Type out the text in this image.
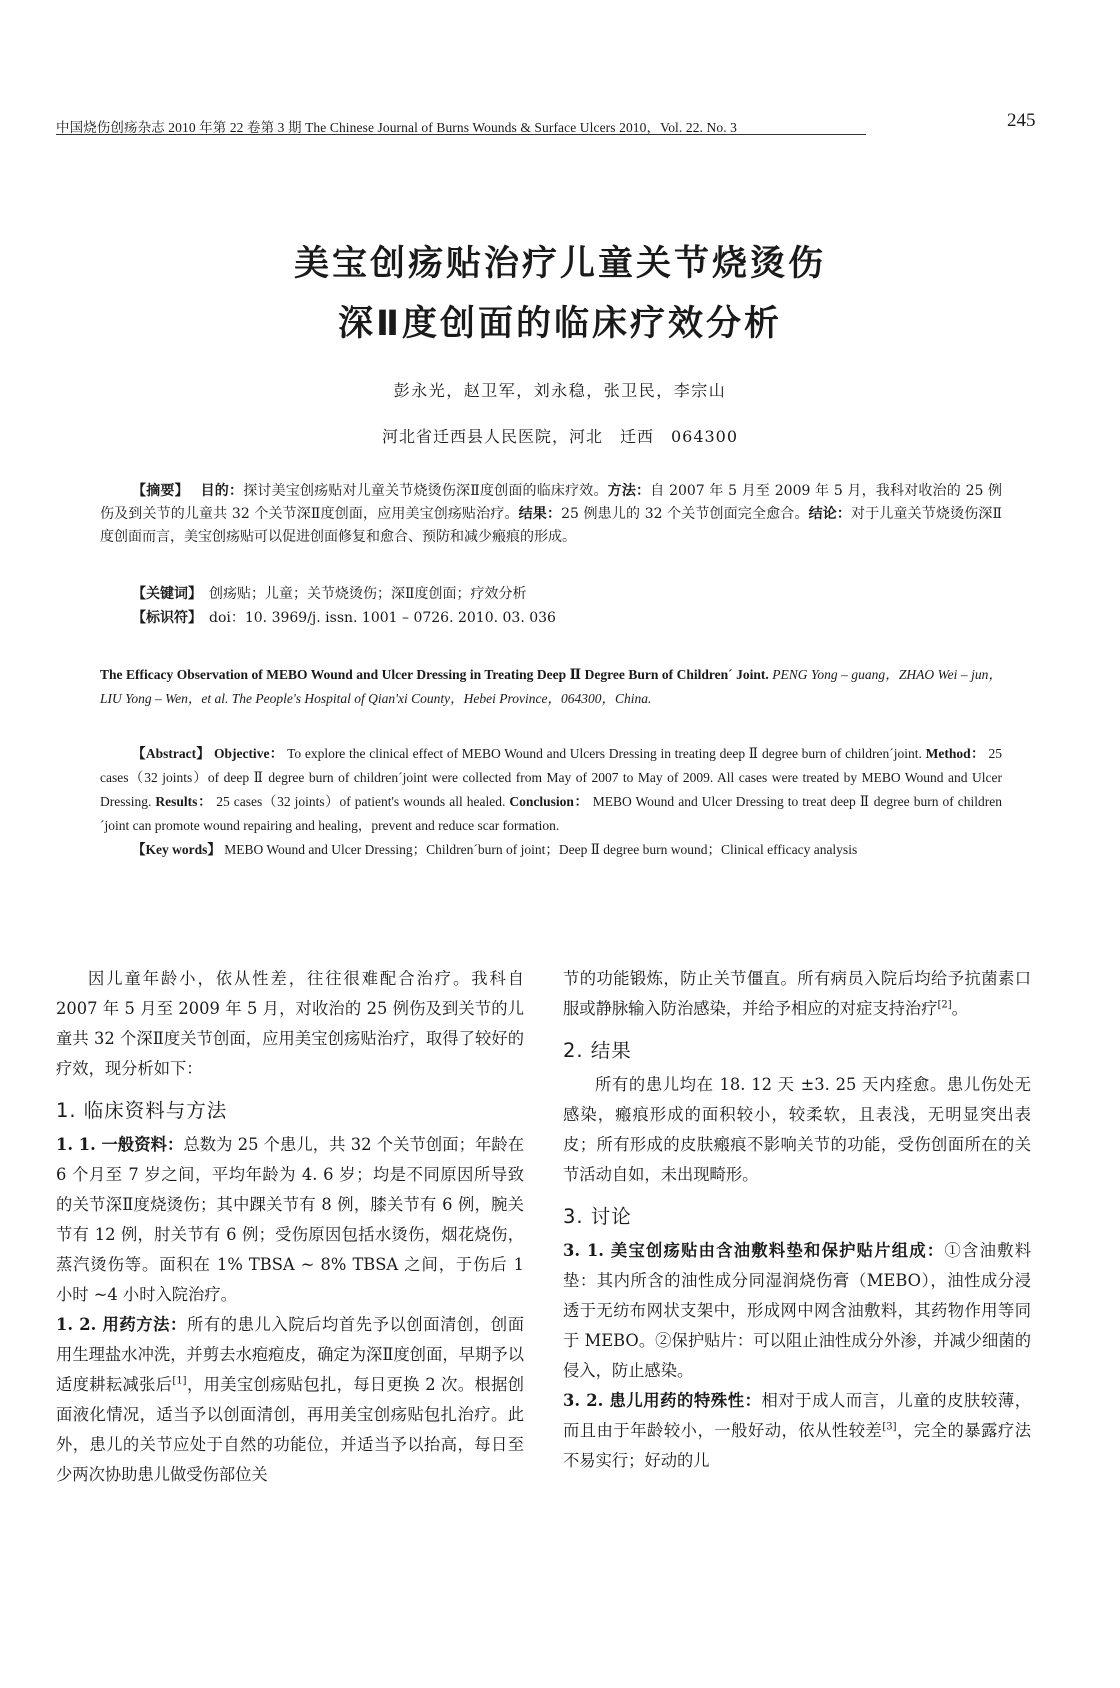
中国烧伤创疡杂志 2010 年第 22 卷第 3 期 The Chinese Journal of Burns Wounds & Surface Ulcers 2010，Vol. 22. No. 3	245
美宝创疡贴治疗儿童关节烧烫伤
深Ⅱ度创面的临床疗效分析
彭永光，赵卫军，刘永稳，张卫民，李宗山
河北省迁西县人民医院，河北　迁西　064300

【摘要】　 目的：探讨美宝创疡贴对儿童关节烧烫伤深Ⅱ度创面的临床疗效。方法：自 2007 年 5 月至 2009 年 5 月，我科对收治的 25 例伤及到关节的儿童共 32 个关节深Ⅱ度创面，应用美宝创疡贴治疗。结果：25 例患儿的 32 个关节创面完全愈合。结论：对于儿童关节烧烫伤深Ⅱ度创面而言，美宝创疡贴可以促进创面修复和愈合、预防和减少瘢痕的形成。

【关键词】　 创疡贴；儿童；关节烧烫伤；深Ⅱ度创面；疗效分析
【标识符】　 doi：10. 3969/j. issn. 1001 – 0726. 2010. 03. 036

The Efficacy Observation of MEBO Wound and Ulcer Dressing in Treating Deep Ⅱ Degree Burn of Children´ Joint. PENG Yong – guang，ZHAO Wei – jun，LIU Yong – Wen，et al. The People's Hospital of Qian'xi County，Hebei Province，064300，China.

【Abstract】 Objective： To explore the clinical effect of MEBO Wound and Ulcers Dressing in treating deep Ⅱ degree burn of children´joint. Method： 25 cases（32 joints）of deep Ⅱ degree burn of children´joint were collected from May of 2007 to May of 2009. All cases were treated by MEBO Wound and Ulcer Dressing. Results： 25 cases（32 joints）of patient's wounds all healed. Conclusion： MEBO Wound and Ulcer Dressing to treat deep Ⅱ degree burn of children´joint can promote wound repairing and healing，prevent and reduce scar formation.

【Key words】 MEBO Wound and Ulcer Dressing；Children´burn of joint；Deep Ⅱ degree burn wound；Clinical efficacy analysis

因儿童年龄小，依从性差，往往很难配合治疗。我科自 2007 年 5 月至 2009 年 5 月，对收治的 25 例伤及到关节的儿童共 32 个深Ⅱ度关节创面，应用美宝创疡贴治疗，取得了较好的疗效，现分析如下：

1. 临床资料与方法

1. 1. 一般资料：总数为 25 个患儿，共 32 个关节创面；年龄在 6 个月至 7 岁之间，平均年龄为 4. 6 岁；均是不同原因所导致的关节深Ⅱ度烧烫伤；其中踝关节有 8 例，膝关节有 6 例，腕关节有 12 例，肘关节有 6 例；受伤原因包括水烫伤，烟花烧伤，蒸汽烫伤等。面积在 1% TBSA ~ 8% TBSA 之间，于伤后 1 小时 ~4 小时入院治疗。

1. 2. 用药方法：所有的患儿入院后均首先予以创面清创，创面用生理盐水冲洗，并剪去水疱疱皮，确定为深Ⅱ度创面，早期予以适度耕耘减张后[1]，用美宝创疡贴包扎，每日更换 2 次。根据创面液化情况，适当予以创面清创，再用美宝创疡贴包扎治疗。此外，患儿的关节应处于自然的功能位，并适当予以抬高，每日至少两次协助患儿做受伤部位关

节的功能锻炼，防止关节僵直。所有病员入院后均给予抗菌素口服或静脉输入防治感染，并给予相应的对症支持治疗[2]。

2. 结果

所有的患儿均在 18. 12 天 ±3. 25 天内痊愈。患儿伤处无感染，瘢痕形成的面积较小，较柔软，且表浅，无明显突出表皮；所有形成的皮肤瘢痕不影响关节的功能，受伤创面所在的关节活动自如，未出现畸形。

3. 讨论

3. 1. 美宝创疡贴由含油敷料垫和保护贴片组成：①含油敷料垫：其内所含的油性成分同湿润烧伤膏（MEBO），油性成分浸透于无纺布网状支架中，形成网中网含油敷料，其药物作用等同于 MEBO。②保护贴片：可以阻止油性成分外渗，并减少细菌的侵入，防止感染。

3. 2. 患儿用药的特殊性：相对于成人而言，儿童的皮肤较薄，而且由于年龄较小，一般好动，依从性较差[3]，完全的暴露疗法不易实行；好动的儿
